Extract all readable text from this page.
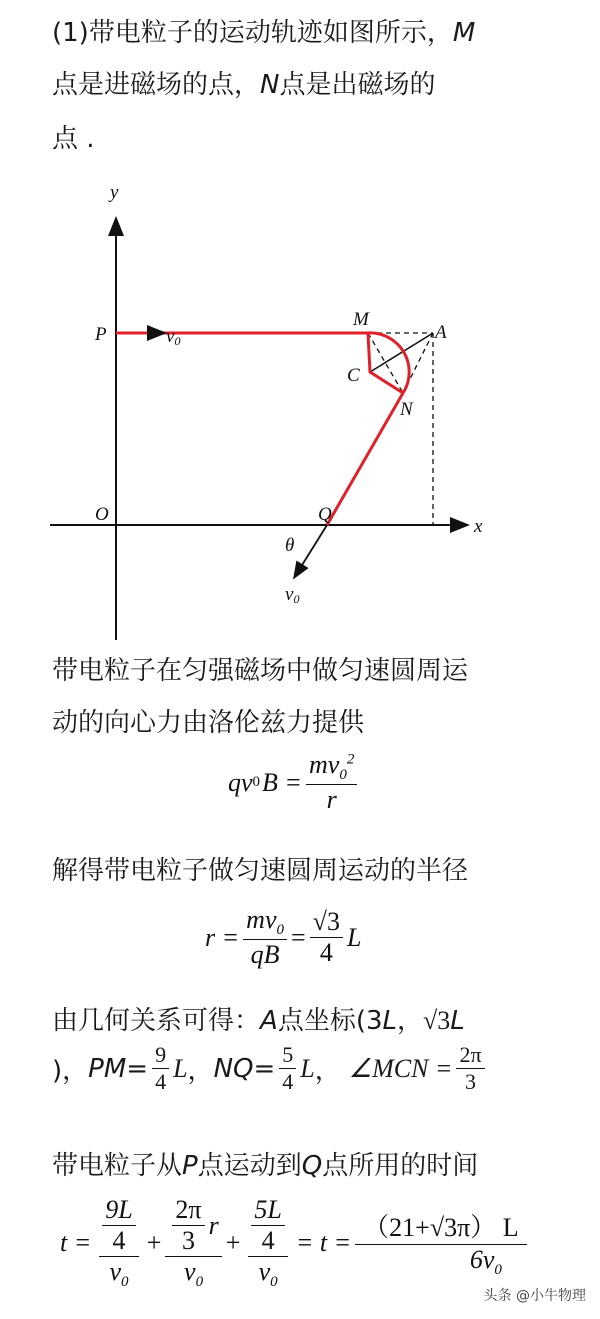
(1)带电粒子的运动轨迹如图所示，M
点是进磁场的点，N点是出磁场的
点 .
y
x
P	v0
M
A
C
N
O	Q
θ
v0
带电粒子在匀强磁场中做匀速圆周运
动的向心力由洛伦兹力提供
qv 0 $B = \frac{mv_0^2}{r}$
解得带电粒子做匀速圆周运动的半径
$r = \frac{mv_0}{qB} = \frac{√3}{4}$ L
由几何关系可得：A点坐标(3L，√3L
)， PM = $\frac{9}{4}$ L ， NQ = $\frac{5}{4}$ L ， ∠MCN = $\frac{2\pi}{3}$
带电粒子从P点运动到Q点所用的时间
t = 9L
4
$v_0 + 2\pi$
3
r
$v_0 + 5L$
4
$v_0 = t = \frac{(21+√3\pi) L}{6v_0}$
头条 @小牛物理
